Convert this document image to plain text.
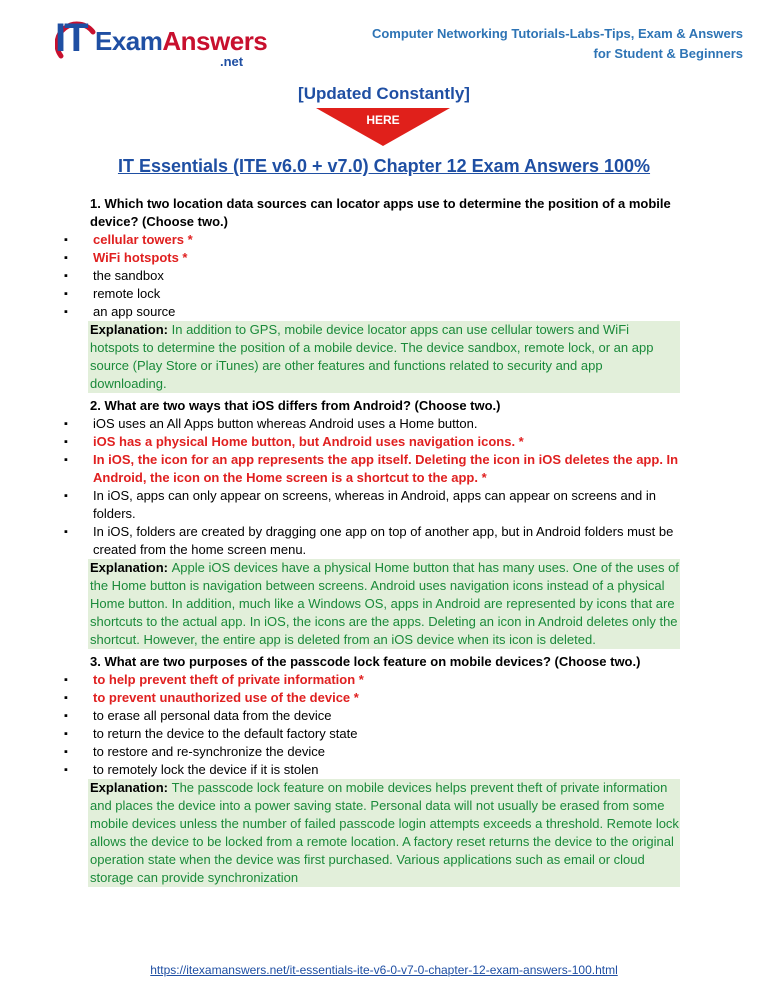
IT ExamAnswers
.net
Computer Networking Tutorials-Labs-Tips, Exam & Answers
for Student & Beginners
[Updated Constantly]
HERE
IT Essentials (ITE v6.0 + v7.0) Chapter 12 Exam Answers 100%
1. Which two location data sources can locator apps use to determine the position of a mobile device? (Choose two.)
▪ cellular towers *
▪ WiFi hotspots *
▪ the sandbox
▪ remote lock
▪ an app source
Explanation: In addition to GPS, mobile device locator apps can use cellular towers and WiFi hotspots to determine the position of a mobile device. The device sandbox, remote lock, or an app source (Play Store or iTunes) are other features and functions related to security and app downloading.
2. What are two ways that iOS differs from Android? (Choose two.)
▪ iOS uses an All Apps button whereas Android uses a Home button.
▪ iOS has a physical Home button, but Android uses navigation icons. *
▪ In iOS, the icon for an app represents the app itself. Deleting the icon in iOS deletes the app. In Android, the icon on the Home screen is a shortcut to the app. *
▪ In iOS, apps can only appear on screens, whereas in Android, apps can appear on screens and in folders.
▪ In iOS, folders are created by dragging one app on top of another app, but in Android folders must be created from the home screen menu.
Explanation: Apple iOS devices have a physical Home button that has many uses. One of the uses of the Home button is navigation between screens. Android uses navigation icons instead of a physical Home button. In addition, much like a Windows OS, apps in Android are represented by icons that are shortcuts to the actual app. In iOS, the icons are the apps. Deleting an icon in Android deletes only the shortcut. However, the entire app is deleted from an iOS device when its icon is deleted.
3. What are two purposes of the passcode lock feature on mobile devices? (Choose two.)
▪ to help prevent theft of private information *
▪ to prevent unauthorized use of the device *
▪ to erase all personal data from the device
▪ to return the device to the default factory state
▪ to restore and re-synchronize the device
▪ to remotely lock the device if it is stolen
Explanation: The passcode lock feature on mobile devices helps prevent theft of private information and places the device into a power saving state. Personal data will not usually be erased from some mobile devices unless the number of failed passcode login attempts exceeds a threshold. Remote lock allows the device to be locked from a remote location. A factory reset returns the device to the original operation state when the device was first purchased. Various applications such as email or cloud storage can provide synchronization
https://itexamanswers.net/it-essentials-ite-v6-0-v7-0-chapter-12-exam-answers-100.html
